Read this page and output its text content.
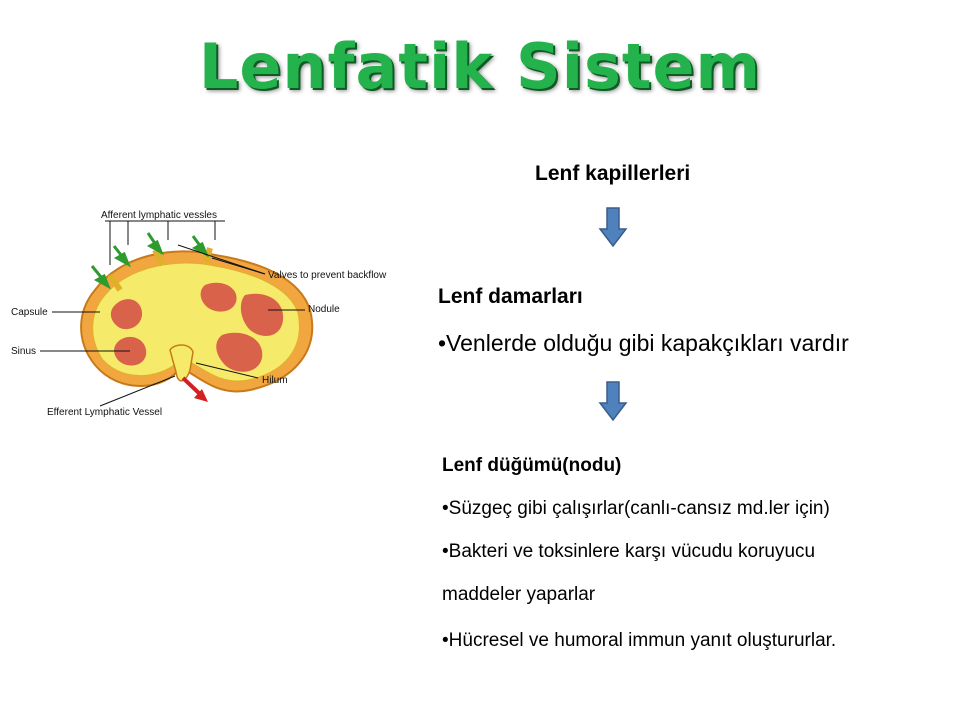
Lenfatik Sistem
Afferent lymphatic vessles
Valves to prevent backflow
Capsule	Nodule
Sinus
Hilum
Efferent Lymphatic Vessel
Lenf kapillerleri
Lenf damarları
•Venlerde olduğu gibi kapakçıkları vardır
Lenf düğümü(nodu)
•Süzgeç gibi çalışırlar(canlı-cansız md.ler için)
•Bakteri ve toksinlere karşı vücudu koruyucu
maddeler yaparlar
•Hücresel ve humoral immun yanıt oluştururlar.
